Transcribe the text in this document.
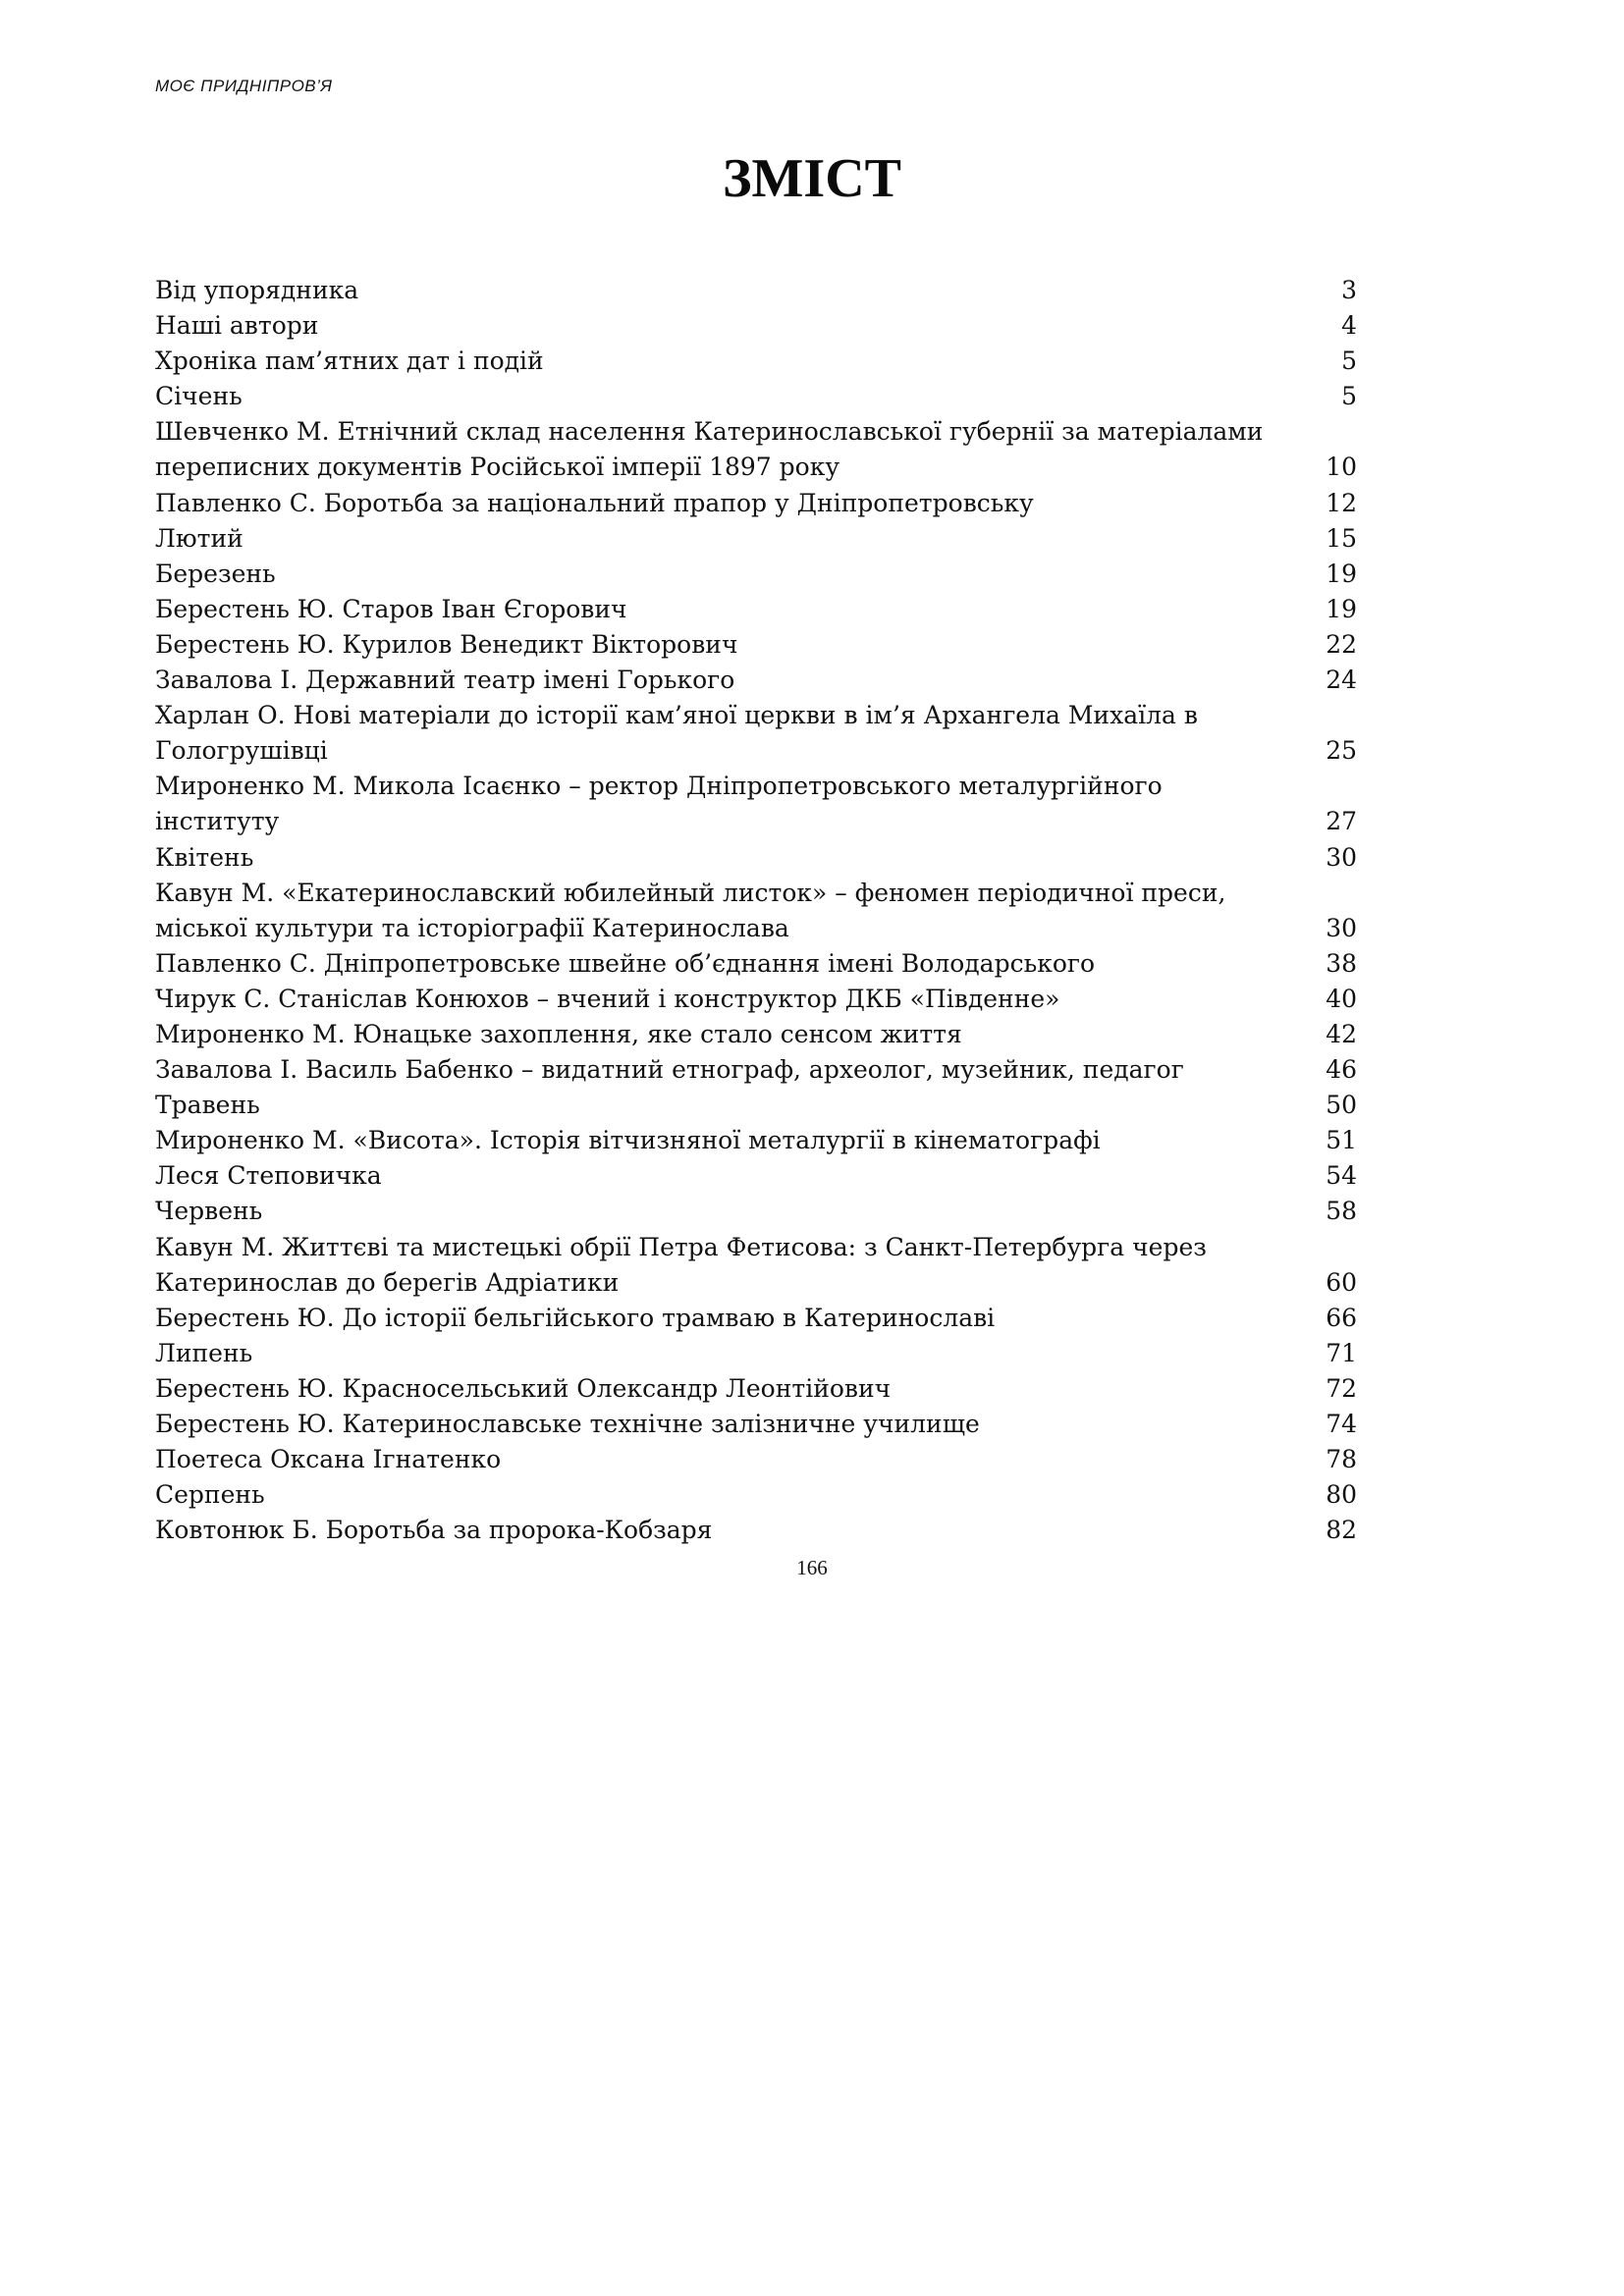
МОЄ ПРИДНІПРОВ’Я
ЗМІСТ
Від упорядника	3
Наші автори	4
Хроніка пам’ятних дат і подій	5
Січень	5
Шевченко М. Етнічний склад населення Катеринославської губернії за матеріалами переписних документів Російської імперії 1897 року	10
Павленко С. Боротьба за національний прапор у Дніпропетровську	12
Лютий	15
Березень	19
Берестень Ю. Старов Іван Єгорович	19
Берестень Ю. Курилов Венедикт Вікторович	22
Завалова І. Державний театр імені Горького	24
Харлан О. Нові матеріали до історії кам’яної церкви в ім’я Архангела Михаїла в Гологрушівці	25
Мироненко М. Микола Ісаєнко – ректор Дніпропетровського металургійного інституту	27
Квітень	30
Кавун М. «Екатеринославский юбилейный листок» – феномен періодичної преси, міської культури та історіографії Катеринослава	30
Павленко С. Дніпропетровське швейне об’єднання імені Володарського	38
Чирук С. Станіслав Конюхов – вчений і конструктор ДКБ «Південне»	40
Мироненко М. Юнацьке захоплення, яке стало сенсом життя	42
Завалова І. Василь Бабенко – видатний етнограф, археолог, музейник, педагог	46
Травень	50
Мироненко М. «Висота». Історія вітчизняної металургії в кінематографі	51
Леся Степовичка	54
Червень	58
Кавун М. Життєві та мистецькі обрії Петра Фетисова: з Санкт-Петербурга через Катеринослав до берегів Адріатики	60
Берестень Ю. До історії бельгійського трамваю в Катеринославі	66
Липень	71
Берестень Ю. Красносельський Олександр Леонтійович	72
Берестень Ю. Катеринославське технічне залізничне училище	74
Поетеса Оксана Ігнатенко	78
Серпень	80
Ковтонюк Б. Боротьба за пророка-Кобзаря	82
166
